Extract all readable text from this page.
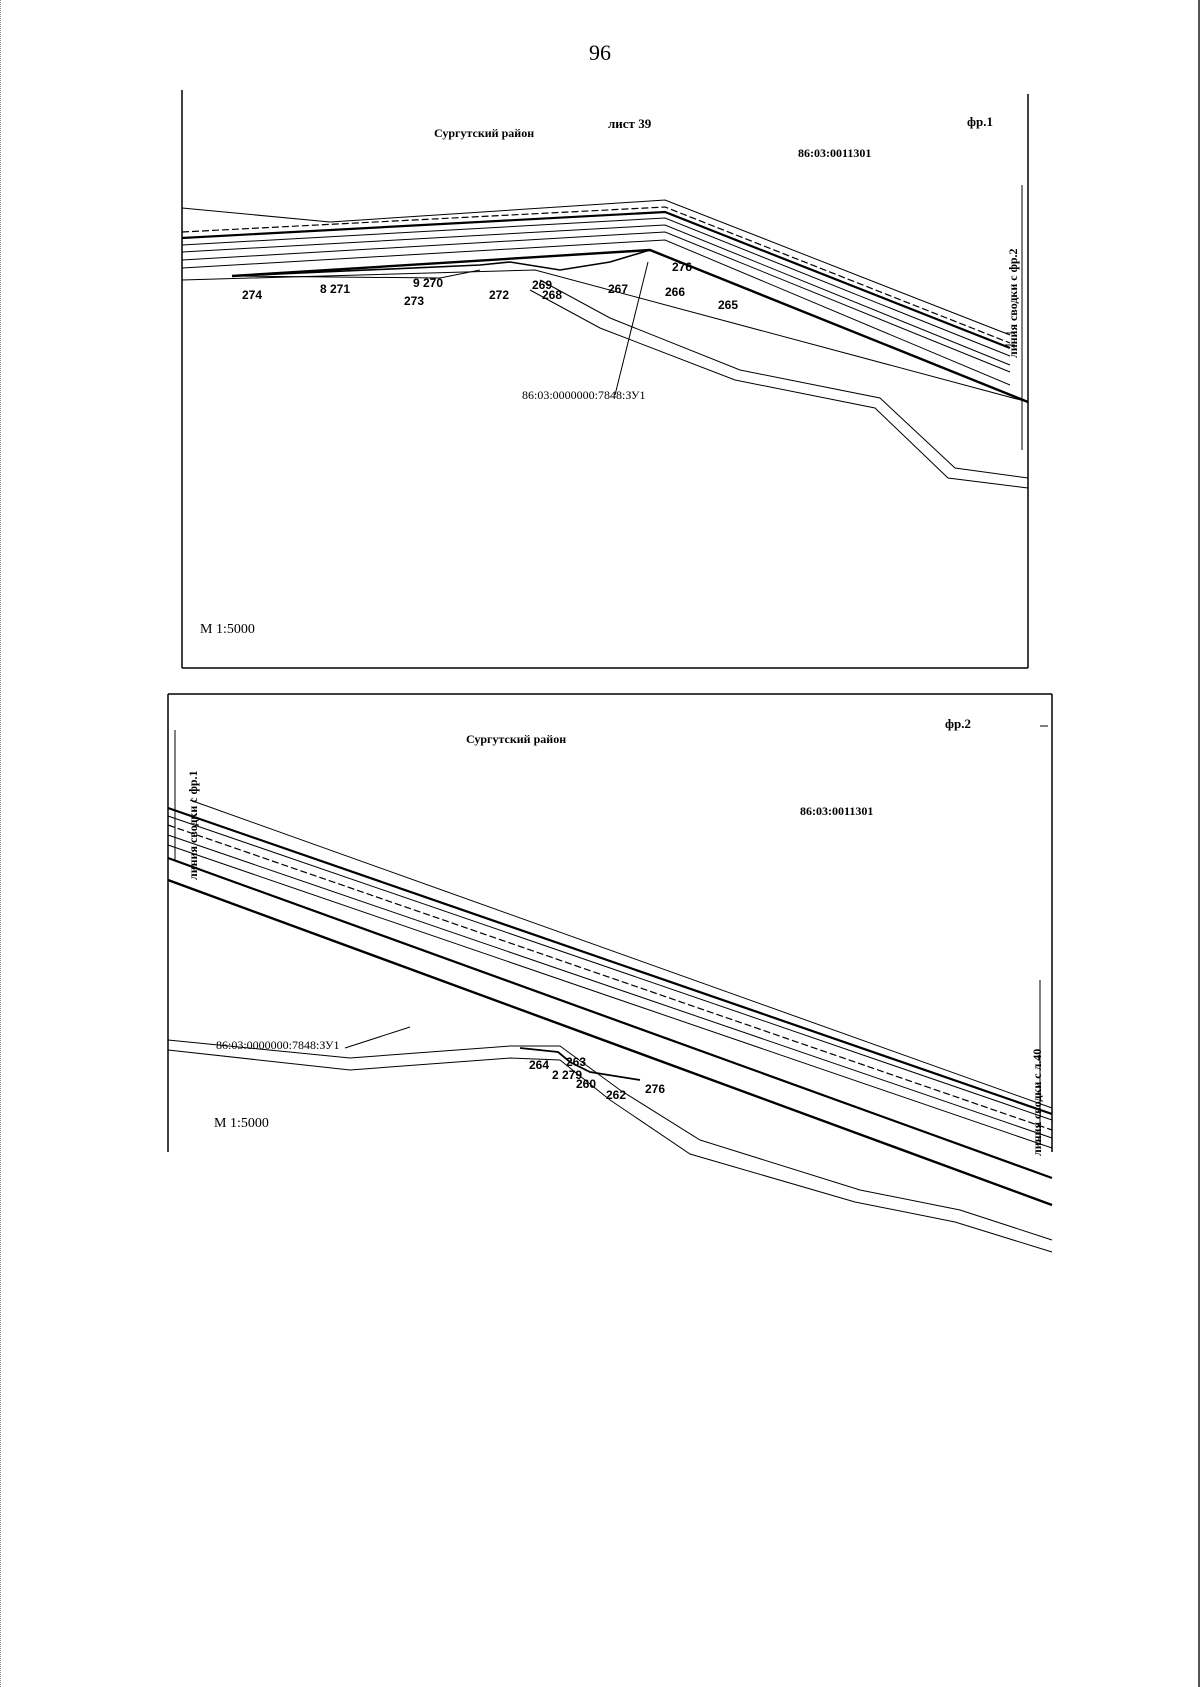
96
Сургутский район
лист 39	фр.1
86:03:0011301
86:03:0000000:7848:ЗУ1
линия сводки с фр.2
М 1:5000
274	8 271	9 270
273	272
269
268	267
276
266
265
Сургутский район
фр.2
86:03:0011301
86:03:0000000:7848:ЗУ1
линия сводки с фр.1
линия сводки с л.40
М 1:5000
264 263
2 279
260
262 276
